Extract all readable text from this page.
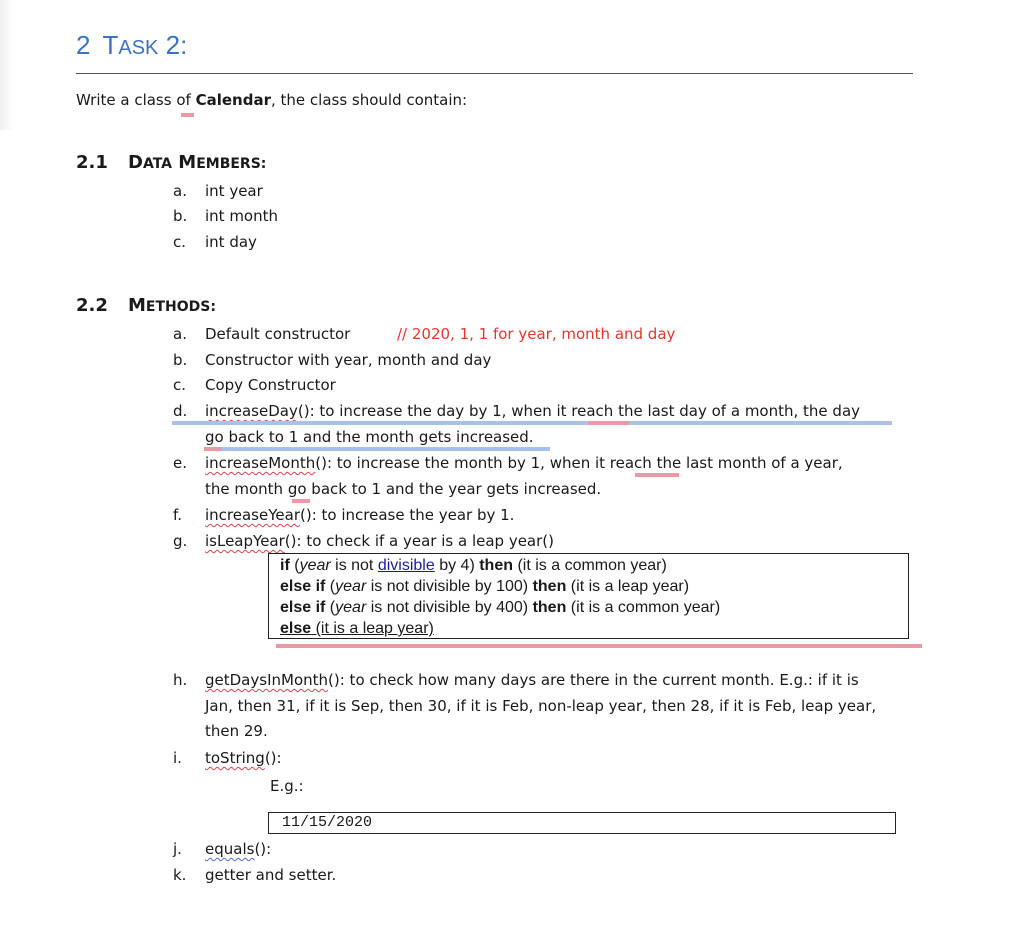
2 TASK 2:
Write a class of Calendar, the class should contain:
2.1 DATA MEMBERS:
a.	int year
b.	int month
c.	int day
2.2 METHODS:
a.	Default constructor	// 2020, 1, 1 for year, month and day
b.	Constructor with year, month and day
c.	Copy Constructor
d.	increaseDay(): to increase the day by 1, when it reach the last day of a month, the day
go back to 1 and the month gets increased.
e.	increaseMonth(): to increase the month by 1, when it reach the last month of a year,
the month go back to 1 and the year gets increased.
f.	increaseYear(): to increase the year by 1.
g.	isLeapYear(): to check if a year is a leap year()
if (year is not divisible by 4) then (it is a common year)
else if (year is not divisible by 100) then (it is a leap year)
else if (year is not divisible by 400) then (it is a common year)
else (it is a leap year)
h.	getDaysInMonth(): to check how many days are there in the current month. E.g.: if it is
Jan, then 31, if it is Sep, then 30, if it is Feb, non-leap year, then 28, if it is Feb, leap year,
then 29.
i.	toString():
E.g.:
11/15/2020
j.	equals():
k.	getter and setter.
